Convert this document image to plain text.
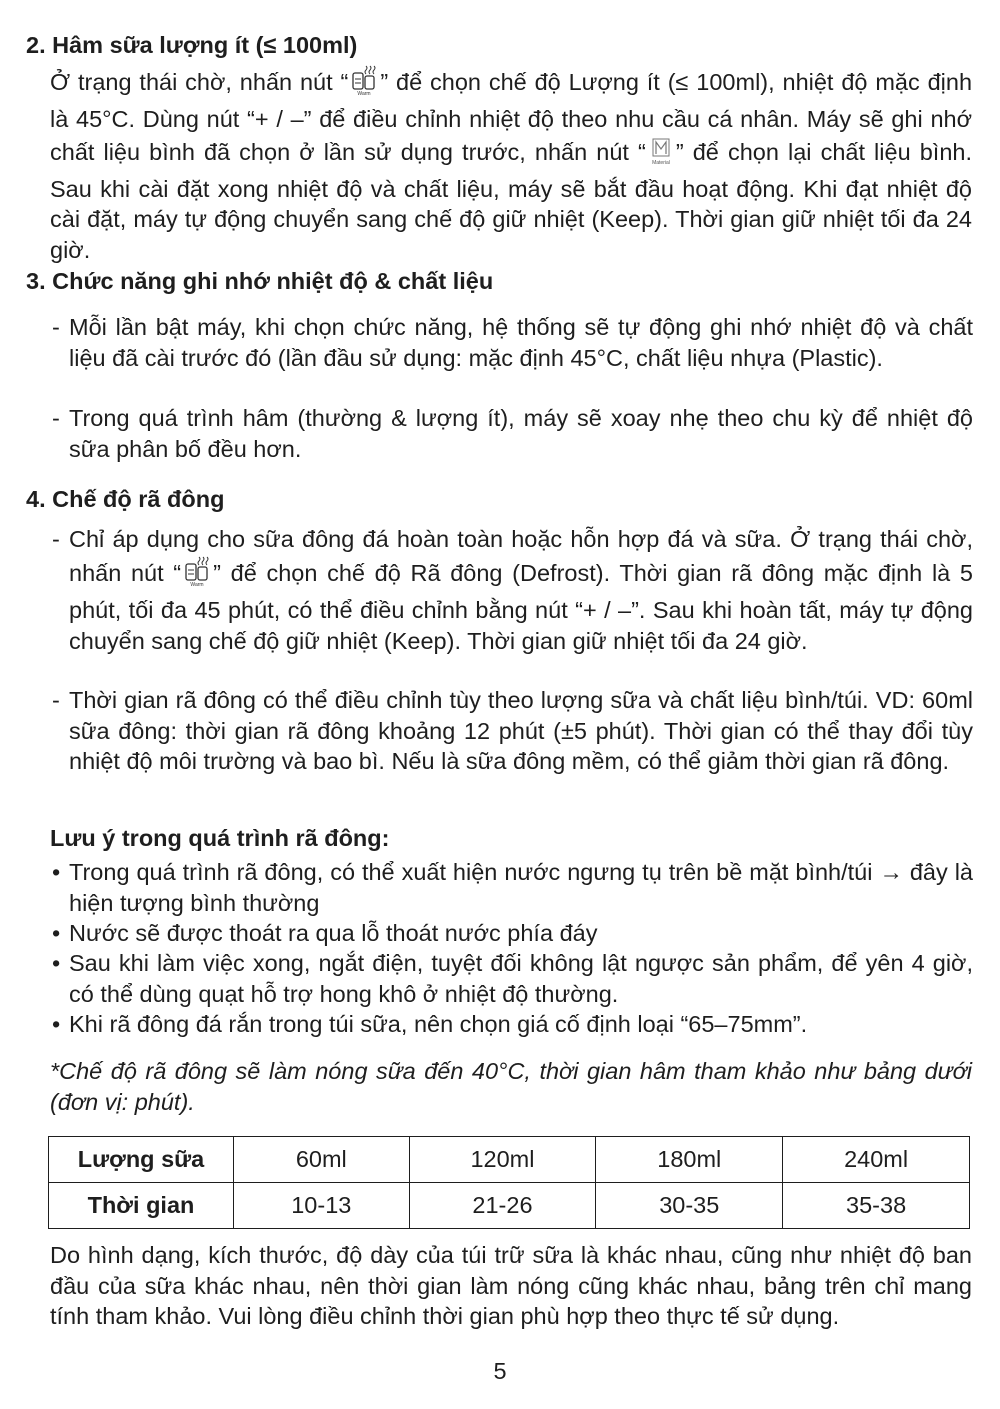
2. Hâm sữa lượng ít (≤ 100ml)
Ở trạng thái chờ, nhấn nút “ Warm ” để chọn chế độ Lượng ít (≤ 100ml), nhiệt độ mặc định là 45°C. Dùng nút “+ / –” để điều chỉnh nhiệt độ theo nhu cầu cá nhân. Máy sẽ ghi nhớ chất liệu bình đã chọn ở lần sử dụng trước, nhấn nút “ Material ” để chọn lại chất liệu bình. Sau khi cài đặt xong nhiệt độ và chất liệu, máy sẽ bắt đầu hoạt động. Khi đạt nhiệt độ cài đặt, máy tự động chuyển sang chế độ giữ nhiệt (Keep). Thời gian giữ nhiệt tối đa 24 giờ.
3. Chức năng ghi nhớ nhiệt độ & chất liệu
- Mỗi lần bật máy, khi chọn chức năng, hệ thống sẽ tự động ghi nhớ nhiệt độ và chất liệu đã cài trước đó (lần đầu sử dụng: mặc định 45°C, chất liệu nhựa (Plastic).
- Trong quá trình hâm (thường & lượng ít), máy sẽ xoay nhẹ theo chu kỳ để nhiệt độ sữa phân bố đều hơn.
4. Chế độ rã đông
- Chỉ áp dụng cho sữa đông đá hoàn toàn hoặc hỗn hợp đá và sữa. Ở trạng thái chờ, nhấn nút “ Warm ” để chọn chế độ Rã đông (Defrost). Thời gian rã đông mặc định là 5 phút, tối đa 45 phút, có thể điều chỉnh bằng nút “+ / –”. Sau khi hoàn tất, máy tự động chuyển sang chế độ giữ nhiệt (Keep). Thời gian giữ nhiệt tối đa 24 giờ.
- Thời gian rã đông có thể điều chỉnh tùy theo lượng sữa và chất liệu bình/túi. VD: 60ml sữa đông: thời gian rã đông khoảng 12 phút (±5 phút). Thời gian có thể thay đổi tùy nhiệt độ môi trường và bao bì. Nếu là sữa đông mềm, có thể giảm thời gian rã đông.
Lưu ý trong quá trình rã đông:
• Trong quá trình rã đông, có thể xuất hiện nước ngưng tụ trên bề mặt bình/túi → đây là hiện tượng bình thường
• Nước sẽ được thoát ra qua lỗ thoát nước phía đáy
• Sau khi làm việc xong, ngắt điện, tuyệt đối không lật ngược sản phẩm, để yên 4 giờ, có thể dùng quạt hỗ trợ hong khô ở nhiệt độ thường.
• Khi rã đông đá rắn trong túi sữa, nên chọn giá cố định loại “65–75mm”.
*Chế độ rã đông sẽ làm nóng sữa đến 40°C, thời gian hâm tham khảo như bảng dưới (đơn vị: phút).
Lượng sữa	60ml	120ml	180ml	240ml
Thời gian	10-13	21-26	30-35	35-38
Do hình dạng, kích thước, độ dày của túi trữ sữa là khác nhau, cũng như nhiệt độ ban đầu của sữa khác nhau, nên thời gian làm nóng cũng khác nhau, bảng trên chỉ mang tính tham khảo. Vui lòng điều chỉnh thời gian phù hợp theo thực tế sử dụng.
5
